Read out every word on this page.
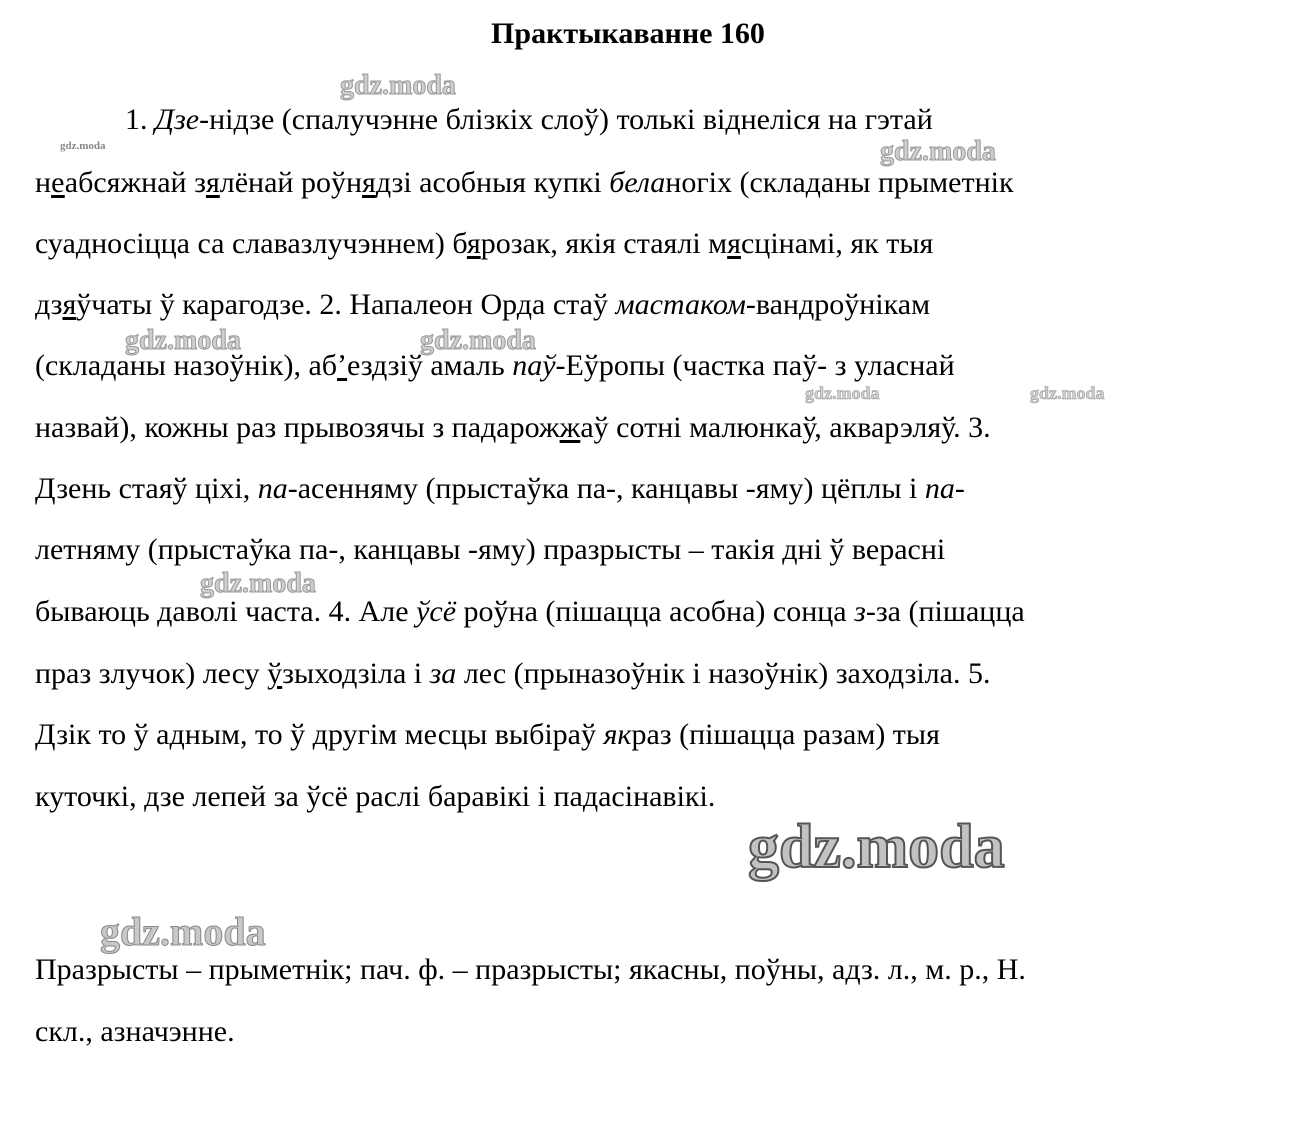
Практыкаванне 160
gdz.moda
gdz.moda	gdz.moda
gdz.moda	gdz.moda
gdz.moda	gdz.moda
gdz.moda
gdz.moda
gdz.moda
1. Дзе-нідзе (спалучэнне блізкіх слоў) толькі віднеліся на гэтай
неабсяжнай зялёнай роўнядзі асобныя купкі беланогіх (складаны прыметнік
суадносіцца са славазлучэннем) бярозак, якія стаялі мясцінамі, як тыя
дзяўчаты ў карагодзе. 2. Напалеон Орда стаў мастаком-вандроўнікам
(складаны назоўнік), абʼездзіў амаль паў-Еўропы (часткa паў- з уласнай
назвай), кожны раз прывозячы з падарожжаў сотні малюнкаў, акварэляў. 3.
Дзень стаяў ціхі, па-асенняму (прыстаўка па-, канцавы -яму) цёплы і па-
летняму (прыстаўка па-, канцавы -яму) празрысты – такія дні ў верасні
бываюць даволі часта. 4. Але ўсё роўна (пішацца асобна) сонца з-за (пішацца
праз злучок) лесу ўзыходзіла і за лес (прыназоўнік і назоўнік) заходзіла. 5.
Дзік то ў адным, то ў другім месцы выбіраў якраз (пішацца разам) тыя
куточкі, дзе лепей за ўсё раслі баравікі і падасінавікі.
Празрысты – прыметнік; пач. ф. – празрысты; якасны, поўны, адз. л., м. р., Н.
скл., азначэнне.
